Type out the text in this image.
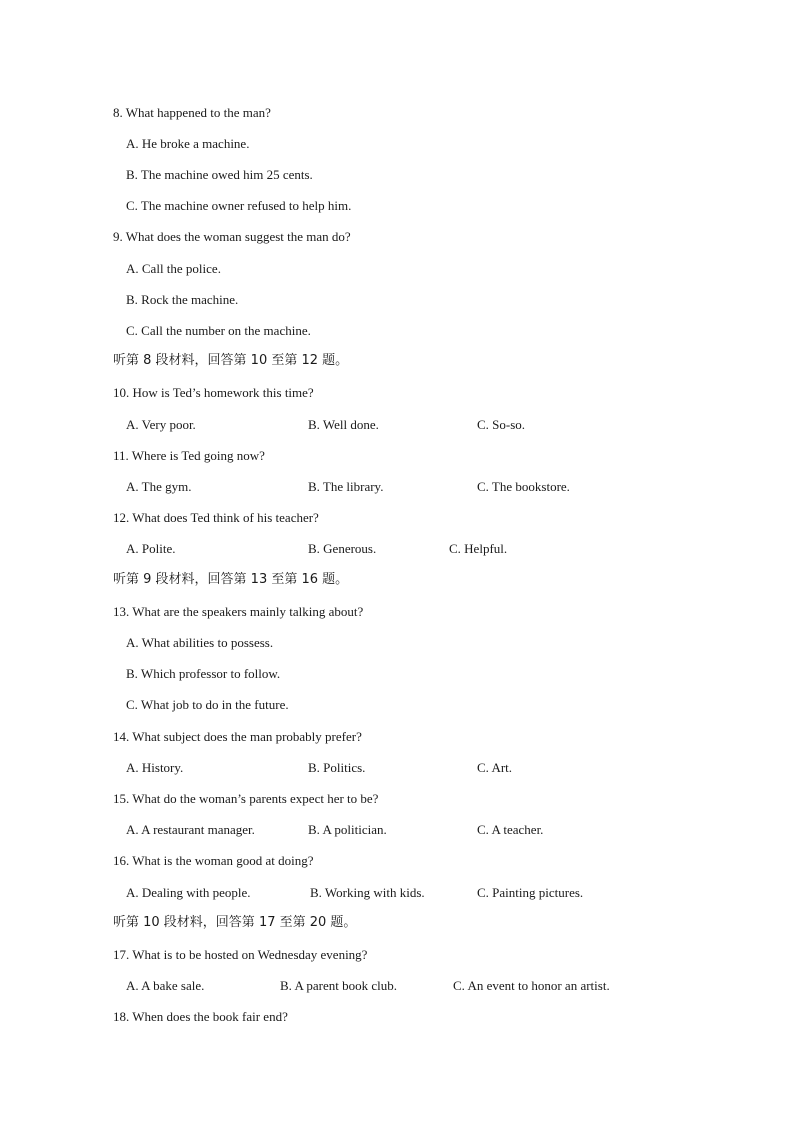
8. What happened to the man?
A. He broke a machine.
B. The machine owed him 25 cents.
C. The machine owner refused to help him.
9. What does the woman suggest the man do?
A. Call the police.
B. Rock the machine.
C. Call the number on the machine.
听第 8 段材料，回答第 10 至第 12 题。
10. How is Ted’s homework this time?
A. Very poor.	B. Well done.	C. So-so.
11. Where is Ted going now?
A. The gym.	B. The library.	C. The bookstore.
12. What does Ted think of his teacher?
A. Polite.	B. Generous.	C. Helpful.
听第 9 段材料，回答第 13 至第 16 题。
13. What are the speakers mainly talking about?
A. What abilities to possess.
B. Which professor to follow.
C. What job to do in the future.
14. What subject does the man probably prefer?
A. History.	B. Politics.	C. Art.
15. What do the woman’s parents expect her to be?
A. A restaurant manager.	B. A politician.	C. A teacher.
16. What is the woman good at doing?
A. Dealing with people.	B. Working with kids.	C. Painting pictures.
听第 10 段材料，回答第 17 至第 20 题。
17. What is to be hosted on Wednesday evening?
A. A bake sale.	B. A parent book club.	C. An event to honor an artist.
18. When does the book fair end?
